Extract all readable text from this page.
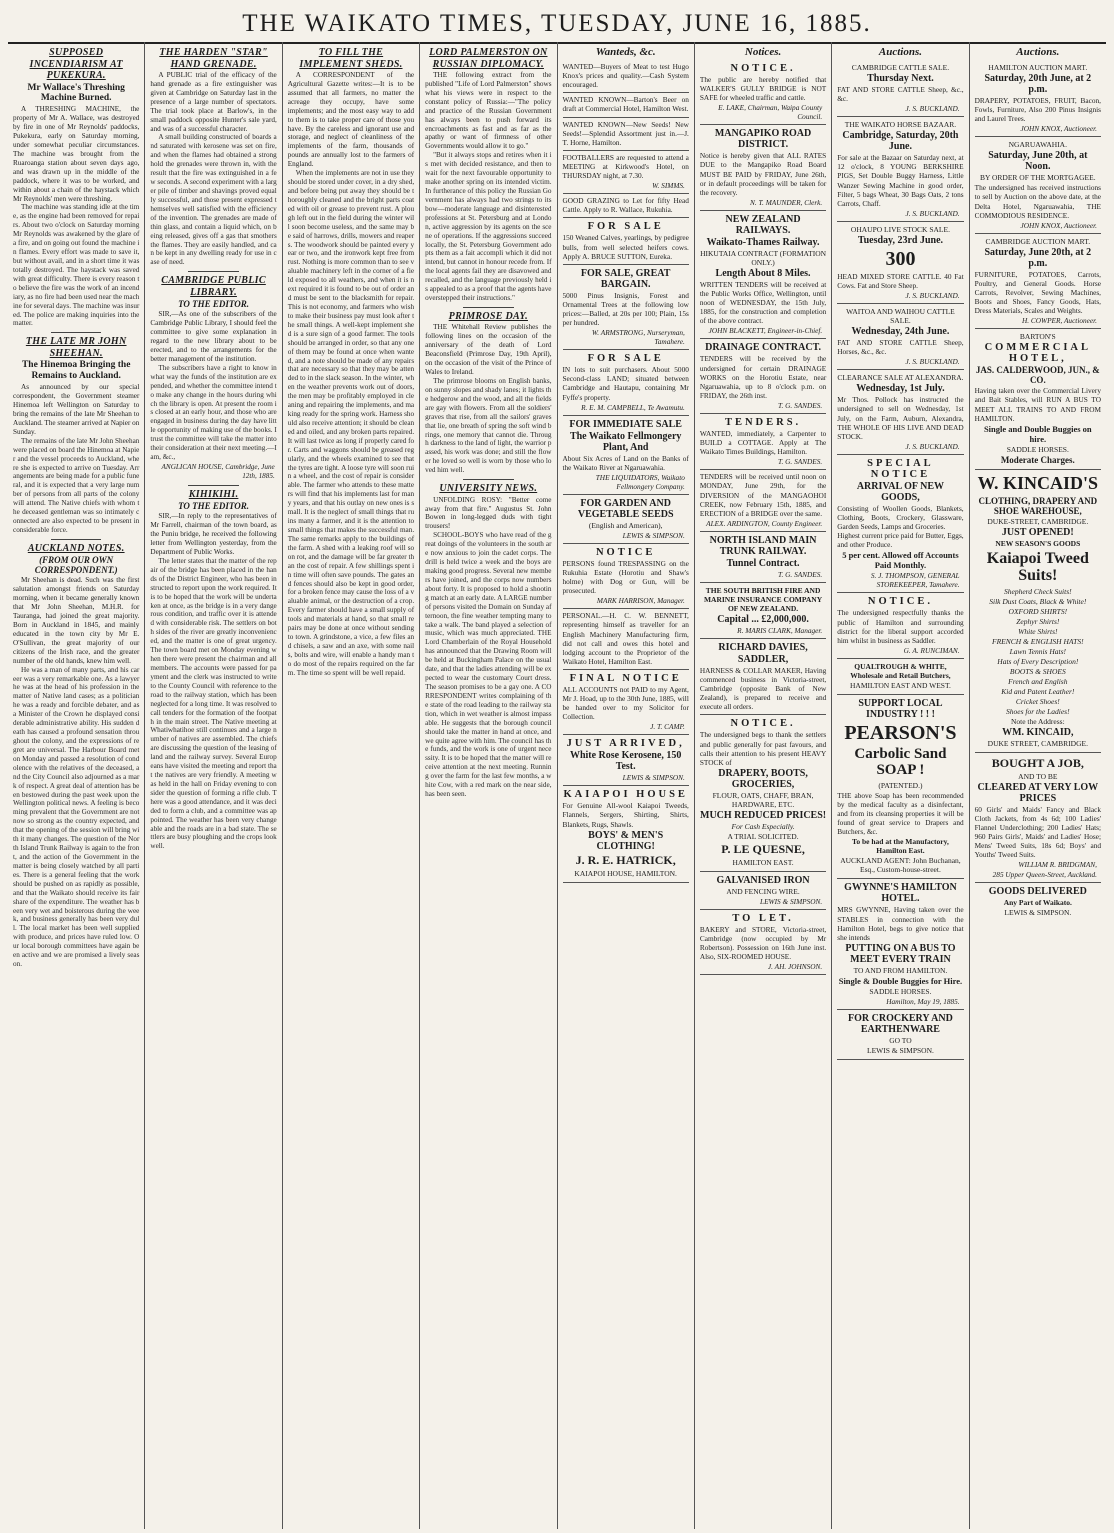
THE WAIKATO TIMES, TUESDAY, JUNE 16, 1885.
SUPPOSED INCENDIARISM AT PUKEKURA.
Mr Wallace's Threshing Machine Burned.

A THRESHING MACHINE, the property of Mr A. Wallace, was destroyed by fire in one of Mr Reynolds' paddocks, Pukekura, early on Saturday morning, under somewhat peculiar circumstances. The machine was brought from the Ruaroanga station about seven days ago, and was drawn up in the middle of the paddock, where it was to be worked, and within about a chain of the haystack which Mr Reynolds' men were threshing.

The machine was standing idle at the time, as the engine had been removed for repairs. About two o'clock on Saturday morning Mr Reynolds was awakened by the glare of a fire, and on going out found the machine in flames. Every effort was made to save it, but without avail, and in a short time it was totally destroyed. The haystack was saved with great difficulty. There is every reason to believe the fire was the work of an incendiary, as no fire had been used near the machine for several days. The machine was insured. The police are making inquiries into the matter.

THE LATE MR JOHN SHEEHAN.
The Hinemoa Bringing the Remains to Auckland.

As announced by our special correspondent, the Government steamer Hinemoa left Wellington on Saturday to bring the remains of the late Mr Sheehan to Auckland. The steamer arrived at Napier on Sunday.

The remains of the late Mr John Sheehan were placed on board the Hinemoa at Napier and the vessel proceeds to Auckland, where she is expected to arrive on Tuesday. Arrangements are being made for a public funeral, and it is expected that a very large number of persons from all parts of the colony will attend. The Native chiefs with whom the deceased gentleman was so intimately connected are also expected to be present in considerable force.

AUCKLAND NOTES.
(FROM OUR OWN CORRESPONDENT.)

Mr Sheehan is dead. Such was the first salutation amongst friends on Saturday morning, when it became generally known that Mr John Sheehan, M.H.R. for Tauranga, had joined the great majority. Born in Auckland in 1845, and mainly educated in the town city by Mr E. O'Sullivan, the great majority of our citizens of the Irish race, and the greater number of the old hands, knew him well.

He was a man of many parts, and his career was a very remarkable one. As a lawyer he was at the head of his profession in the matter of Native land cases; as a politician he was a ready and forcible debater, and as a Minister of the Crown he displayed considerable administrative ability. His sudden death has caused a profound sensation throughout the colony, and the expressions of regret are universal. The Harbour Board met on Monday and passed a resolution of condolence with the relatives of the deceased, and the City Council also adjourned as a mark of respect. A great deal of attention has been bestowed during the past week upon the Wellington political news. A feeling is becoming prevalent that the Government are not now so strong as the country expected, and that the opening of the session will bring with it many changes. The question of the North Island Trunk Railway is again to the front, and the action of the Government in the matter is being closely watched by all parties. There is a general feeling that the work should be pushed on as rapidly as possible, and that the Waikato should receive its fair share of the expenditure. The weather has been very wet and boisterous during the week, and business generally has been very dull. The local market has been well supplied with produce, and prices have ruled low. Our local borough committees have again been active and we are promised a lively season.

THE HARDEN "STAR" HAND GRENADE.

A PUBLIC trial of the efficacy of the hand grenade as a fire extinguisher was given at Cambridge on Saturday last in the presence of a large number of spectators. The trial took place at Barlow's, in the small paddock opposite Hunter's sale yard, and was of a successful character.

A small building constructed of boards and saturated with kerosene was set on fire, and when the flames had obtained a strong hold the grenades were thrown in, with the result that the fire was extinguished in a few seconds. A second experiment with a larger pile of timber and shavings proved equally successful, and those present expressed themselves well satisfied with the efficiency of the invention. The grenades are made of thin glass, and contain a liquid which, on being released, gives off a gas that smothers the flames. They are easily handled, and can be kept in any dwelling ready for use in case of need.

CAMBRIDGE PUBLIC LIBRARY.
TO THE EDITOR.

SIR,—As one of the subscribers of the Cambridge Public Library, I should feel the committee to give some explanation in regard to the new library about to be erected, and to the arrangements for the better management of the institution.

The subscribers have a right to know in what way the funds of the institution are expended, and whether the committee intend to make any change in the hours during which the library is open. At present the room is closed at an early hour, and those who are engaged in business during the day have little opportunity of making use of the books. I trust the committee will take the matter into their consideration at their next meeting.—I am, &c.,

ANGLICAN HOUSE, Cambridge, June 12th, 1885.

KIHIKIHI.
TO THE EDITOR.

SIR,—In reply to the representatives of Mr Farrell, chairman of the town board, as the Puniu bridge, he received the following letter from Wellington yesterday, from the Department of Public Works.

The letter states that the matter of the repair of the bridge has been placed in the hands of the District Engineer, who has been instructed to report upon the work required. It is to be hoped that the work will be undertaken at once, as the bridge is in a very dangerous condition, and traffic over it is attended with considerable risk. The settlers on both sides of the river are greatly inconvenienced, and the matter is one of great urgency. The town board met on Monday evening when there were present the chairman and all members. The accounts were passed for payment and the clerk was instructed to write to the County Council with reference to the road to the railway station, which has been neglected for a long time. It was resolved to call tenders for the formation of the footpath in the main street. The Native meeting at Whatiwhatihoe still continues and a large number of natives are assembled. The chiefs are discussing the question of the leasing of land and the railway survey. Several Europeans have visited the meeting and report that the natives are very friendly. A meeting was held in the hall on Friday evening to consider the question of forming a rifle club. There was a good attendance, and it was decided to form a club, and a committee was appointed. The weather has been very changeable and the roads are in a bad state. The settlers are busy ploughing and the crops look well.

TO FILL THE IMPLEMENT SHEDS.

A CORRESPONDENT of the Agricultural Gazette writes:—It is to be assumed that all farmers, no matter the acreage they occupy, have some implements; and the most easy way to add to them is to take proper care of those you have. By the careless and ignorant use and storage, and neglect of cleanliness of the implements of the farm, thousands of pounds are annually lost to the farmers of England.

When the implements are not in use they should be stored under cover, in a dry shed, and before being put away they should be thoroughly cleaned and the bright parts coated with oil or grease to prevent rust. A plough left out in the field during the winter will soon become useless, and the same may be said of harrows, drills, mowers and reapers. The woodwork should be painted every year or two, and the ironwork kept free from rust. Nothing is more common than to see valuable machinery left in the corner of a field exposed to all weathers, and when it is next required it is found to be out of order and must be sent to the blacksmith for repair. This is not economy, and farmers who wish to make their business pay must look after the small things. A well-kept implement shed is a sure sign of a good farmer. The tools should be arranged in order, so that any one of them may be found at once when wanted, and a note should be made of any repairs that are necessary so that they may be attended to in the slack season. In the winter, when the weather prevents work out of doors, the men may be profitably employed in cleaning and repairing the implements, and making ready for the spring work. Harness should also receive attention; it should be cleaned and oiled, and any broken parts repaired. It will last twice as long if properly cared for. Carts and waggons should be greased regularly, and the wheels examined to see that the tyres are tight. A loose tyre will soon ruin a wheel, and the cost of repair is considerable. The farmer who attends to these matters will find that his implements last for many years, and that his outlay on new ones is small. It is the neglect of small things that ruins many a farmer, and it is the attention to small things that makes the successful man. The same remarks apply to the buildings of the farm. A shed with a leaking roof will soon rot, and the damage will be far greater than the cost of repair. A few shillings spent in time will often save pounds. The gates and fences should also be kept in good order, for a broken fence may cause the loss of a valuable animal, or the destruction of a crop. Every farmer should have a small supply of tools and materials at hand, so that small repairs may be done at once without sending to town. A grindstone, a vice, a few files and chisels, a saw and an axe, with some nails, bolts and wire, will enable a handy man to do most of the repairs required on the farm. The time so spent will be well repaid.

LORD PALMERSTON ON RUSSIAN DIPLOMACY.

THE following extract from the published "Life of Lord Palmerston" shows what his views were in respect to the constant policy of Russia:—"The policy and practice of the Russian Government has always been to push forward its encroachments as fast and as far as the apathy or want of firmness of other Governments would allow it to go."

"But it always stops and retires when it is met with decided resistance, and then to wait for the next favourable opportunity to make another spring on its intended victim. In furtherance of this policy the Russian Government has always had two strings to its bow—moderate language and disinterested professions at St. Petersburg and at London, active aggression by its agents on the scene of operations. If the aggressions succeed locally, the St. Petersburg Government adopts them as a fait accompli which it did not intend, but cannot in honour recede from. If the local agents fail they are disavowed and recalled, and the language previously held is appealed to as a proof that the agents have overstepped their instructions."

PRIMROSE DAY.

THE Whitehall Review publishes the following lines on the occasion of the anniversary of the death of Lord Beaconsfield (Primrose Day, 19th April), on the occasion of the visit of the Prince of Wales to Ireland.

The primrose blooms on English banks, on sunny slopes and shady lanes; it lights the hedgerow and the wood, and all the fields are gay with flowers. From all the soldiers' graves that rise, from all the sailors' graves that lie, one breath of spring the soft wind brings, one memory that cannot die. Through darkness to the land of light, the warrior passed, his work was done; and still the flower he loved so well is worn by those who loved him well.

UNIVERSITY NEWS.

UNFOLDING ROSY: "Better come away from that fire." Augustus St. John Bowen in long-legged duds with tight trousers!

SCHOOL-BOYS who have read of the great doings of the volunteers in the south are now anxious to join the cadet corps. The drill is held twice a week and the boys are making good progress. Several new members have joined, and the corps now numbers about forty. It is proposed to hold a shooting match at an early date. A LARGE number of persons visited the Domain on Sunday afternoon, the fine weather tempting many to take a walk. The band played a selection of music, which was much appreciated. THE Lord Chamberlain of the Royal Household has announced that the Drawing Room will be held at Buckingham Palace on the usual date, and that the ladies attending will be expected to wear the customary Court dress. The season promises to be a gay one. A CORRESPONDENT writes complaining of the state of the road leading to the railway station, which in wet weather is almost impassable. He suggests that the borough council should take the matter in hand at once, and we quite agree with him. The council has the funds, and the work is one of urgent necessity. It is to be hoped that the matter will receive attention at the next meeting. Running over the farm for the last few months, a white Cow, with a red mark on the near side, has been seen.

Wanteds, &c.

WANTED—Buyers of Meat to test Hugo Knox's prices and quality.—Cash System encouraged.

WANTED KNOWN—Barton's Beer on draft at Commercial Hotel, Hamilton West.

WANTED KNOWN—New Seeds! New Seeds!—Splendid Assortment just in.—J. T. Horne, Hamilton.

FOOTBALLERS are requested to attend a MEETING at Kirkwood's Hotel, on THURSDAY night, at 7.30.

W. SIMMS.

GOOD GRAZING to Let for fifty Head Cattle. Apply to R. Wallace, Rukuhia.

FOR SALE

150 Weaned Calves, yearlings, by pedigree bulls, from well selected heifers cows. Apply A. BRUCE SUTTON, Eureka.

FOR SALE, GREAT BARGAIN.

5000 Pinus Insignis, Forest and Ornamental Trees at the following low prices:—Balled, at 20s per 100; Plain, 15s per hundred.

W. ARMSTRONG, Nurseryman, Tamahere.

FOR SALE

IN lots to suit purchasers. About 5000 Second-class LAND; situated between Cambridge and Hautapu, containing Mr Fyffe's property.

R. E. M. CAMPBELL, Te Awamutu.

FOR IMMEDIATE SALE
The Waikato Fellmongery Plant, And

About Six Acres of Land on the Banks of the Waikato River at Ngaruawahia.

THE LIQUIDATORS, Waikato Fellmongery Company.

FOR GARDEN AND VEGETABLE SEEDS
(English and American),

LEWIS & SIMPSON.

NOTICE

PERSONS found TRESPASSING on the Rukuhia Estate (Horotiu and Shaw's holme) with Dog or Gun, will be prosecuted.

MARK HARRISON, Manager.

PERSONAL.—H. C. W. BENNETT, representing himself as traveller for an English Machinery Manufacturing firm, did not call and owes this hotel and lodging account to the Proprietor of the Waikato Hotel, Hamilton East.

FINAL NOTICE

ALL ACCOUNTS not PAID to my Agent, Mr J. Hoad, up to the 30th June, 1885, will be handed over to my Solicitor for Collection.

J. T. CAMP.

JUST ARRIVED,
White Rose Kerosene, 150 Test.

LEWIS & SIMPSON.

KAIAPOI HOUSE

For Genuine All-wool Kaiapoi Tweeds, Flannels, Sergers, Shirting, Shirts, Blankets, Rugs, Shawls.

BOYS' & MEN'S CLOTHING!
J. R. E. HATRICK,
KAIAPOI HOUSE, HAMILTON.
Notices.
NOTICE.

The public are hereby notified that WALKER'S GULLY BRIDGE is NOT SAFE for wheeled traffic and cattle.

E. LAKE, Chairman, Waipa County Council.

MANGAPIKO ROAD DISTRICT.

Notice is hereby given that ALL RATES DUE to the Mangapiko Road Board MUST BE PAID by FRIDAY, June 26th, or in default proceedings will be taken for the recovery.

N. T. MAUNDER, Clerk.

NEW ZEALAND RAILWAYS.
Waikato-Thames Railway.
HIKUTAIA CONTRACT (FORMATION ONLY.)
Length About 8 Miles.

WRITTEN TENDERS will be received at the Public Works Office, Wellington, until noon of WEDNESDAY, the 15th July, 1885, for the construction and completion of the above contract.

JOHN BLACKETT, Engineer-in-Chief.

DRAINAGE CONTRACT.

TENDERS will be received by the undersigned for certain DRAINAGE WORKS on the Horotiu Estate, near Ngaruawahia, up to 8 o'clock p.m. on FRIDAY, the 26th inst.

T. G. SANDES.

TENDERS.

WANTED, immediately, a Carpenter to BUILD a COTTAGE. Apply at The Waikato Times Buildings, Hamilton.

T. G. SANDES.

TENDERS will be received until noon on MONDAY, June 29th, for the DIVERSION of the MANGAOHOI CREEK, now February 15th, 1885, and ERECTION of a BRIDGE over the same.

ALEX. ARDINGTON, County Engineer.

NORTH ISLAND MAIN TRUNK RAILWAY.
Tunnel Contract.

T. G. SANDES.

THE SOUTH BRITISH FIRE AND MARINE INSURANCE COMPANY OF NEW ZEALAND.
Capital ... £2,000,000.

R. MARIS CLARK, Manager.

RICHARD DAVIES,
SADDLER,

HARNESS & COLLAR MAKER, Having commenced business in Victoria-street, Cambridge (opposite Bank of New Zealand), is prepared to receive and execute all orders.

NOTICE.

The undersigned begs to thank the settlers and public generally for past favours, and calls their attention to his present HEAVY STOCK of

DRAPERY, BOOTS, GROCERIES,
FLOUR, OATS, CHAFF, BRAN, HARDWARE, ETC.
MUCH REDUCED PRICES!
For Cash Especially.
A TRIAL SOLICITED.
P. LE QUESNE,
HAMILTON EAST.
GALVANISED IRON
AND FENCING WIRE.

LEWIS & SIMPSON.

TO LET.

BAKERY and STORE, Victoria-street, Cambridge (now occupied by Mr Robertson). Possession on 16th June inst. Also, SIX-ROOMED HOUSE.

J. AH. JOHNSON.

Auctions.
CAMBRIDGE CATTLE SALE.
Thursday Next.

FAT AND STORE CATTLE Sheep, &c., &c.

J. S. BUCKLAND.

THE WAIKATO HORSE BAZAAR.
Cambridge, Saturday, 20th June.

For sale at the Bazaar on Saturday next, at 12 o'clock, 8 YOUNG BERKSHIRE PIGS, Set Double Buggy Harness, Little Wanzer Sewing Machine in good order, Filter, 5 bags Wheat, 30 Bags Oats, 2 tons Carrots, Chaff.

J. S. BUCKLAND.

OHAUPO LIVE STOCK SALE.
Tuesday, 23rd June.
300

HEAD MIXED STORE CATTLE. 40 Fat Cows. Fat and Store Sheep.

J. S. BUCKLAND.

WAITOA AND WAIHOU CATTLE SALE.
Wednesday, 24th June.

FAT AND STORE CATTLE Sheep, Horses, &c., &c.

J. S. BUCKLAND.

CLEARANCE SALE AT ALEXANDRA.
Wednesday, 1st July.

Mr Thos. Pollock has instructed the undersigned to sell on Wednesday, 1st July, on the Farm, Auburn, Alexandra, THE WHOLE OF HIS LIVE AND DEAD STOCK.

J. S. BUCKLAND.

SPECIAL NOTICE
ARRIVAL OF NEW GOODS,

Consisting of Woollen Goods, Blankets, Clothing, Boots, Crockery, Glassware, Garden Seeds, Lamps and Groceries.

Highest current price paid for Butter, Eggs, and other Produce.

5 per cent. Allowed off Accounts Paid Monthly.

S. J. THOMPSON, GENERAL STOREKEEPER, Tamahere.

NOTICE.

The undersigned respectfully thanks the public of Hamilton and surrounding district for the liberal support accorded him whilst in business as Saddler.

G. A. RUNCIMAN.

QUALTROUGH & WHITE, Wholesale and Retail Butchers,
HAMILTON EAST AND WEST.
SUPPORT LOCAL INDUSTRY ! ! !
PEARSON'S
Carbolic Sand SOAP !
(PATENTED.)

THE above Soap has been recommended by the medical faculty as a disinfectant, and from its cleansing properties it will be found of great service to Drapers and Butchers, &c.

To be had at the Manufactory, Hamilton East.
AUCKLAND AGENT: John Buchanan, Esq., Custom-house-street.
GWYNNE'S HAMILTON HOTEL.

MRS GWYNNE, Having taken over the STABLES in connection with the Hamilton Hotel, begs to give notice that she intends

PUTTING ON A BUS TO MEET EVERY TRAIN
TO AND FROM HAMILTON.
Single & Double Buggies for Hire.
SADDLE HORSES.

Hamilton, May 19, 1885.

FOR CROCKERY AND EARTHENWARE
GO TO
LEWIS & SIMPSON.
Auctions.
HAMILTON AUCTION MART.
Saturday, 20th June, at 2 p.m.

DRAPERY, POTATOES, FRUIT, Bacon, Fowls, Furniture, Also 200 Pinus Insignis and Laurel Trees.

JOHN KNOX, Auctioneer.

NGARUAWAHIA.
Saturday, June 20th, at Noon.
BY ORDER OF THE MORTGAGEE.

The undersigned has received instructions to sell by Auction on the above date, at the Delta Hotel, Ngaruawahia, THE COMMODIOUS RESIDENCE.

JOHN KNOX, Auctioneer.

CAMBRIDGE AUCTION MART.
Saturday, June 20th, at 2 p.m.

FURNITURE, POTATOES, Carrots, Poultry, and General Goods. Horse Carrots, Revolver, Sewing Machines, Boots and Shoes, Fancy Goods, Hats, Dress Materials, Scales and Weights.

H. COWPER, Auctioneer.

BARTON'S
COMMERCIAL HOTEL,
JAS. CALDERWOOD, JUN., & CO.

Having taken over the Commercial Livery and Bait Stables, will RUN A BUS TO MEET ALL TRAINS TO AND FROM HAMILTON.

Single and Double Buggies on hire.
SADDLE HORSES.
Moderate Charges.
W. KINCAID'S
CLOTHING, DRAPERY AND SHOE WAREHOUSE,
DUKE-STREET, CAMBRIDGE.
JUST OPENED!
NEW SEASON'S GOODS
Kaiapoi Tweed Suits!
Shepherd Check Suits!
Silk Dust Coats, Black & White!
OXFORD SHIRTS!
Zephyr Shirts!
White Shirts!
FRENCH & ENGLISH HATS!
Lawn Tennis Hats!
Hats of Every Description!
BOOTS & SHOES
French and English
Kid and Patent Leather!
Cricket Shoes!
Shoes for the Ladies!
Note the Address:
WM. KINCAID,
DUKE STREET, CAMBRIDGE.
BOUGHT A JOB,
AND TO BE
CLEARED AT VERY LOW PRICES

60 Girls' and Maids' Fancy and Black Cloth Jackets, from 4s 6d; 100 Ladies' Flannel Underclothing; 200 Ladies' Hats; 960 Pairs Girls', Maids' and Ladies' Hose; Mens' Tweed Suits, 18s 6d; Boys' and Youths' Tweed Suits.

WILLIAM R. BRIDGMAN,

285 Upper Queen-Street, Auckland.

GOODS DELIVERED
Any Part of Waikato.
LEWIS & SIMPSON.
